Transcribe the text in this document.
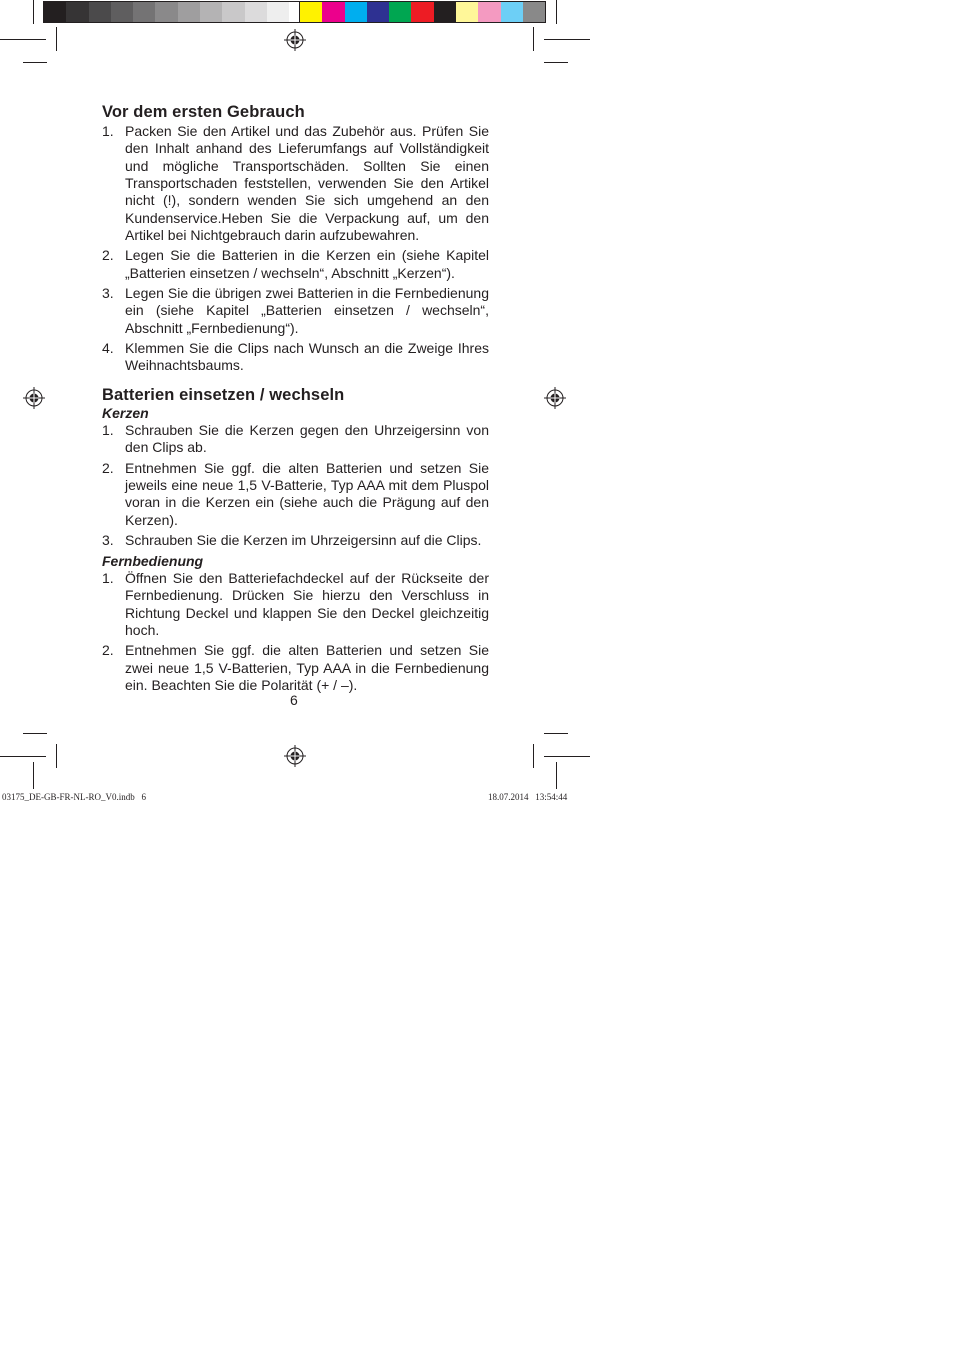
Vor dem ersten Gebrauch
1. Packen Sie den Artikel und das Zubehör aus. Prüfen Sie den Inhalt anhand des Lieferumfangs auf Vollständigkeit und mögliche Transportschäden. Sollten Sie einen Transportschaden feststellen, verwenden Sie den Artikel nicht (!), sondern wenden Sie sich umgehend an den Kundenservice.Heben Sie die Verpackung auf, um den Artikel bei Nichtgebrauch darin aufzubewahren.
2. Legen Sie die Batterien in die Kerzen ein (siehe Kapitel „Batterien einsetzen / wechseln“, Abschnitt „Kerzen“).
3. Legen Sie die übrigen zwei Batterien in die Fernbedienung ein (siehe Kapitel „Batterien einsetzen / wechseln“, Abschnitt „Fernbedienung“).
4. Klemmen Sie die Clips nach Wunsch an die Zweige Ihres Weihnachtsbaums.
Batterien einsetzen / wechseln
Kerzen
1. Schrauben Sie die Kerzen gegen den Uhrzeigersinn von den Clips ab.
2. Entnehmen Sie ggf. die alten Batterien und setzen Sie jeweils eine neue 1,5 V-Batterie, Typ AAA mit dem Pluspol voran in die Kerzen ein (siehe auch die Prägung auf den Kerzen).
3. Schrauben Sie die Kerzen im Uhrzeigersinn auf die Clips.
Fernbedienung
1. Öffnen Sie den Batteriefachdeckel auf der Rückseite der Fernbedienung. Drücken Sie hierzu den Verschluss in Richtung Deckel und klappen Sie den Deckel gleichzeitig hoch.
2. Entnehmen Sie ggf. die alten Batterien und setzen Sie zwei neue 1,5 V-Batterien, Typ AAA in die Fernbedienung ein. Beachten Sie die Polarität (+ / –).
6
03175_DE-GB-FR-NL-RO_V0.indb   6	18.07.2014   13:54:44
